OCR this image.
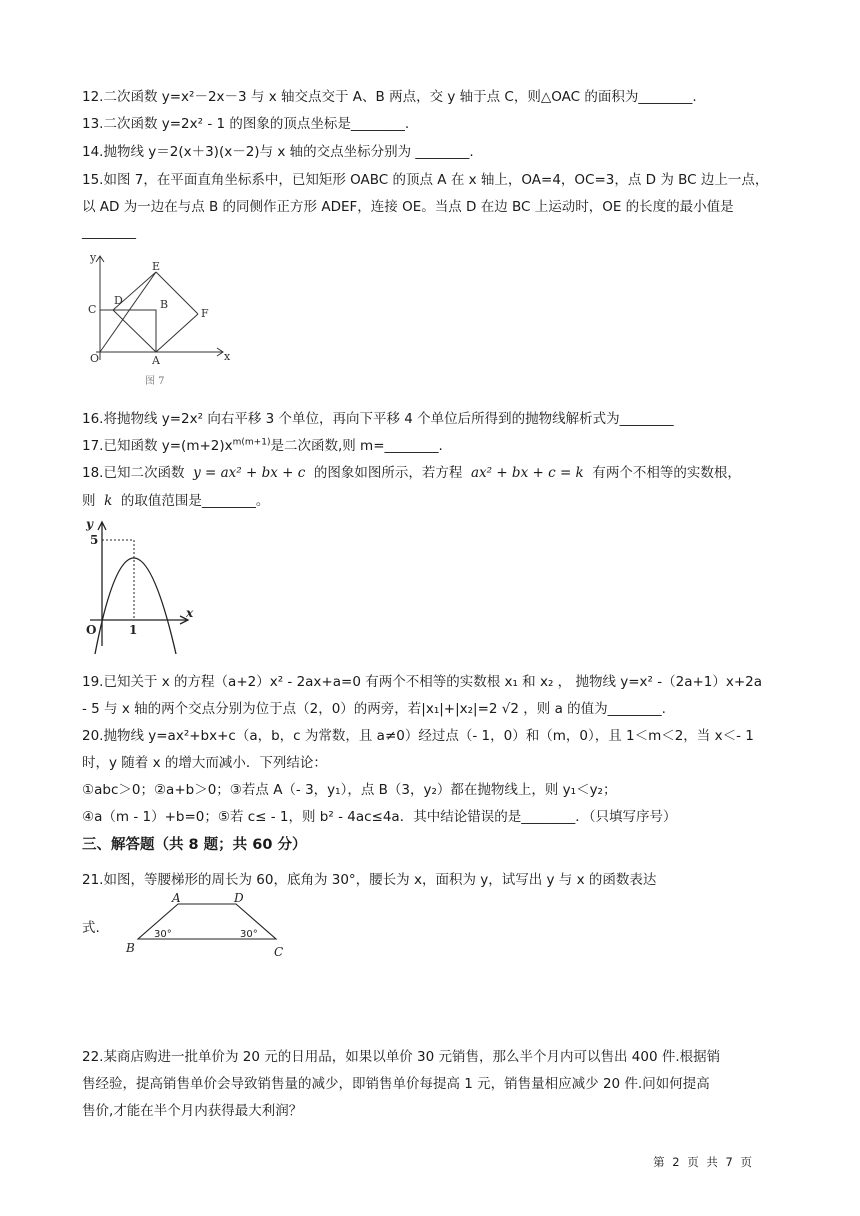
12.二次函数 y=x²－2x－3 与 x 轴交点交于 A、B 两点，交 y 轴于点 C，则△OAC 的面积为________.
13.二次函数 y=2x² ‑ 1 的图象的顶点坐标是________.
14.抛物线 y＝2(x＋3)(x－2)与 x 轴的交点坐标分别为 ________.
15.如图 7，在平面直角坐标系中，已知矩形 OABC 的顶点 A 在 x 轴上，OA=4，OC=3，点 D 为 BC 边上一点，
以 AD 为一边在与点 B 的同侧作正方形 ADEF，连接 OE。当点 D 在边 BC 上运动时，OE 的长度的最小值是
________
y
x
O	A
B
C
D
E
F
图 7
16.将抛物线 y=2x² 向右平移 3 个单位，再向下平移 4 个单位后所得到的抛物线解析式为________
17.已知函数 $y=(m+2)x^{m(m+1)}$是二次函数,则 m=________.
18.已知二次函数 y = ax² + bx + c 的图象如图所示，若方程 ax² + bx + c = k 有两个不相等的实数根，
则 k 的取值范围是________。
y
x
O
5
1
19.已知关于 x 的方程（a+2）x² ‑ 2ax+a=0 有两个不相等的实数根 x₁ 和 x₂ ， 抛物线 y=x² ‑（2a+1）x+2a
‑ 5 与 x 轴的两个交点分别为位于点（2，0）的两旁，若|x₁|+|x₂|=2 √2 ，则 a 的值为________.
20.抛物线 y=ax²+bx+c（a，b，c 为常数，且 a≠0）经过点（‑ 1，0）和（m，0），且 1＜m＜2，当 x＜‑ 1
时，y 随着 x 的增大而减小．下列结论：
①abc＞0；②a+b＞0；③若点 A（‑ 3，y₁），点 B（3，y₂）都在抛物线上，则 y₁＜y₂；
④a（m ‑ 1）+b=0；⑤若 c≤ ‑ 1，则 b² ‑ 4ac≤4a．其中结论错误的是________．（只填写序号）
三、解答题（共 8 题；共 60 分）
21.如图，等腰梯形的周长为 60，底角为 30°，腰长为 x，面积为 y，试写出 y 与 x 的函数表达
式.
A	D
B	C
30°	30°
22.某商店购进一批单价为 20 元的日用品，如果以单价 30 元销售，那么半个月内可以售出 400 件.根据销
售经验，提高销售单价会导致销售量的减少，即销售单价每提高 1 元，销售量相应减少 20 件.问如何提高
售价,才能在半个月内获得最大利润？
第 2 页 共 7 页
